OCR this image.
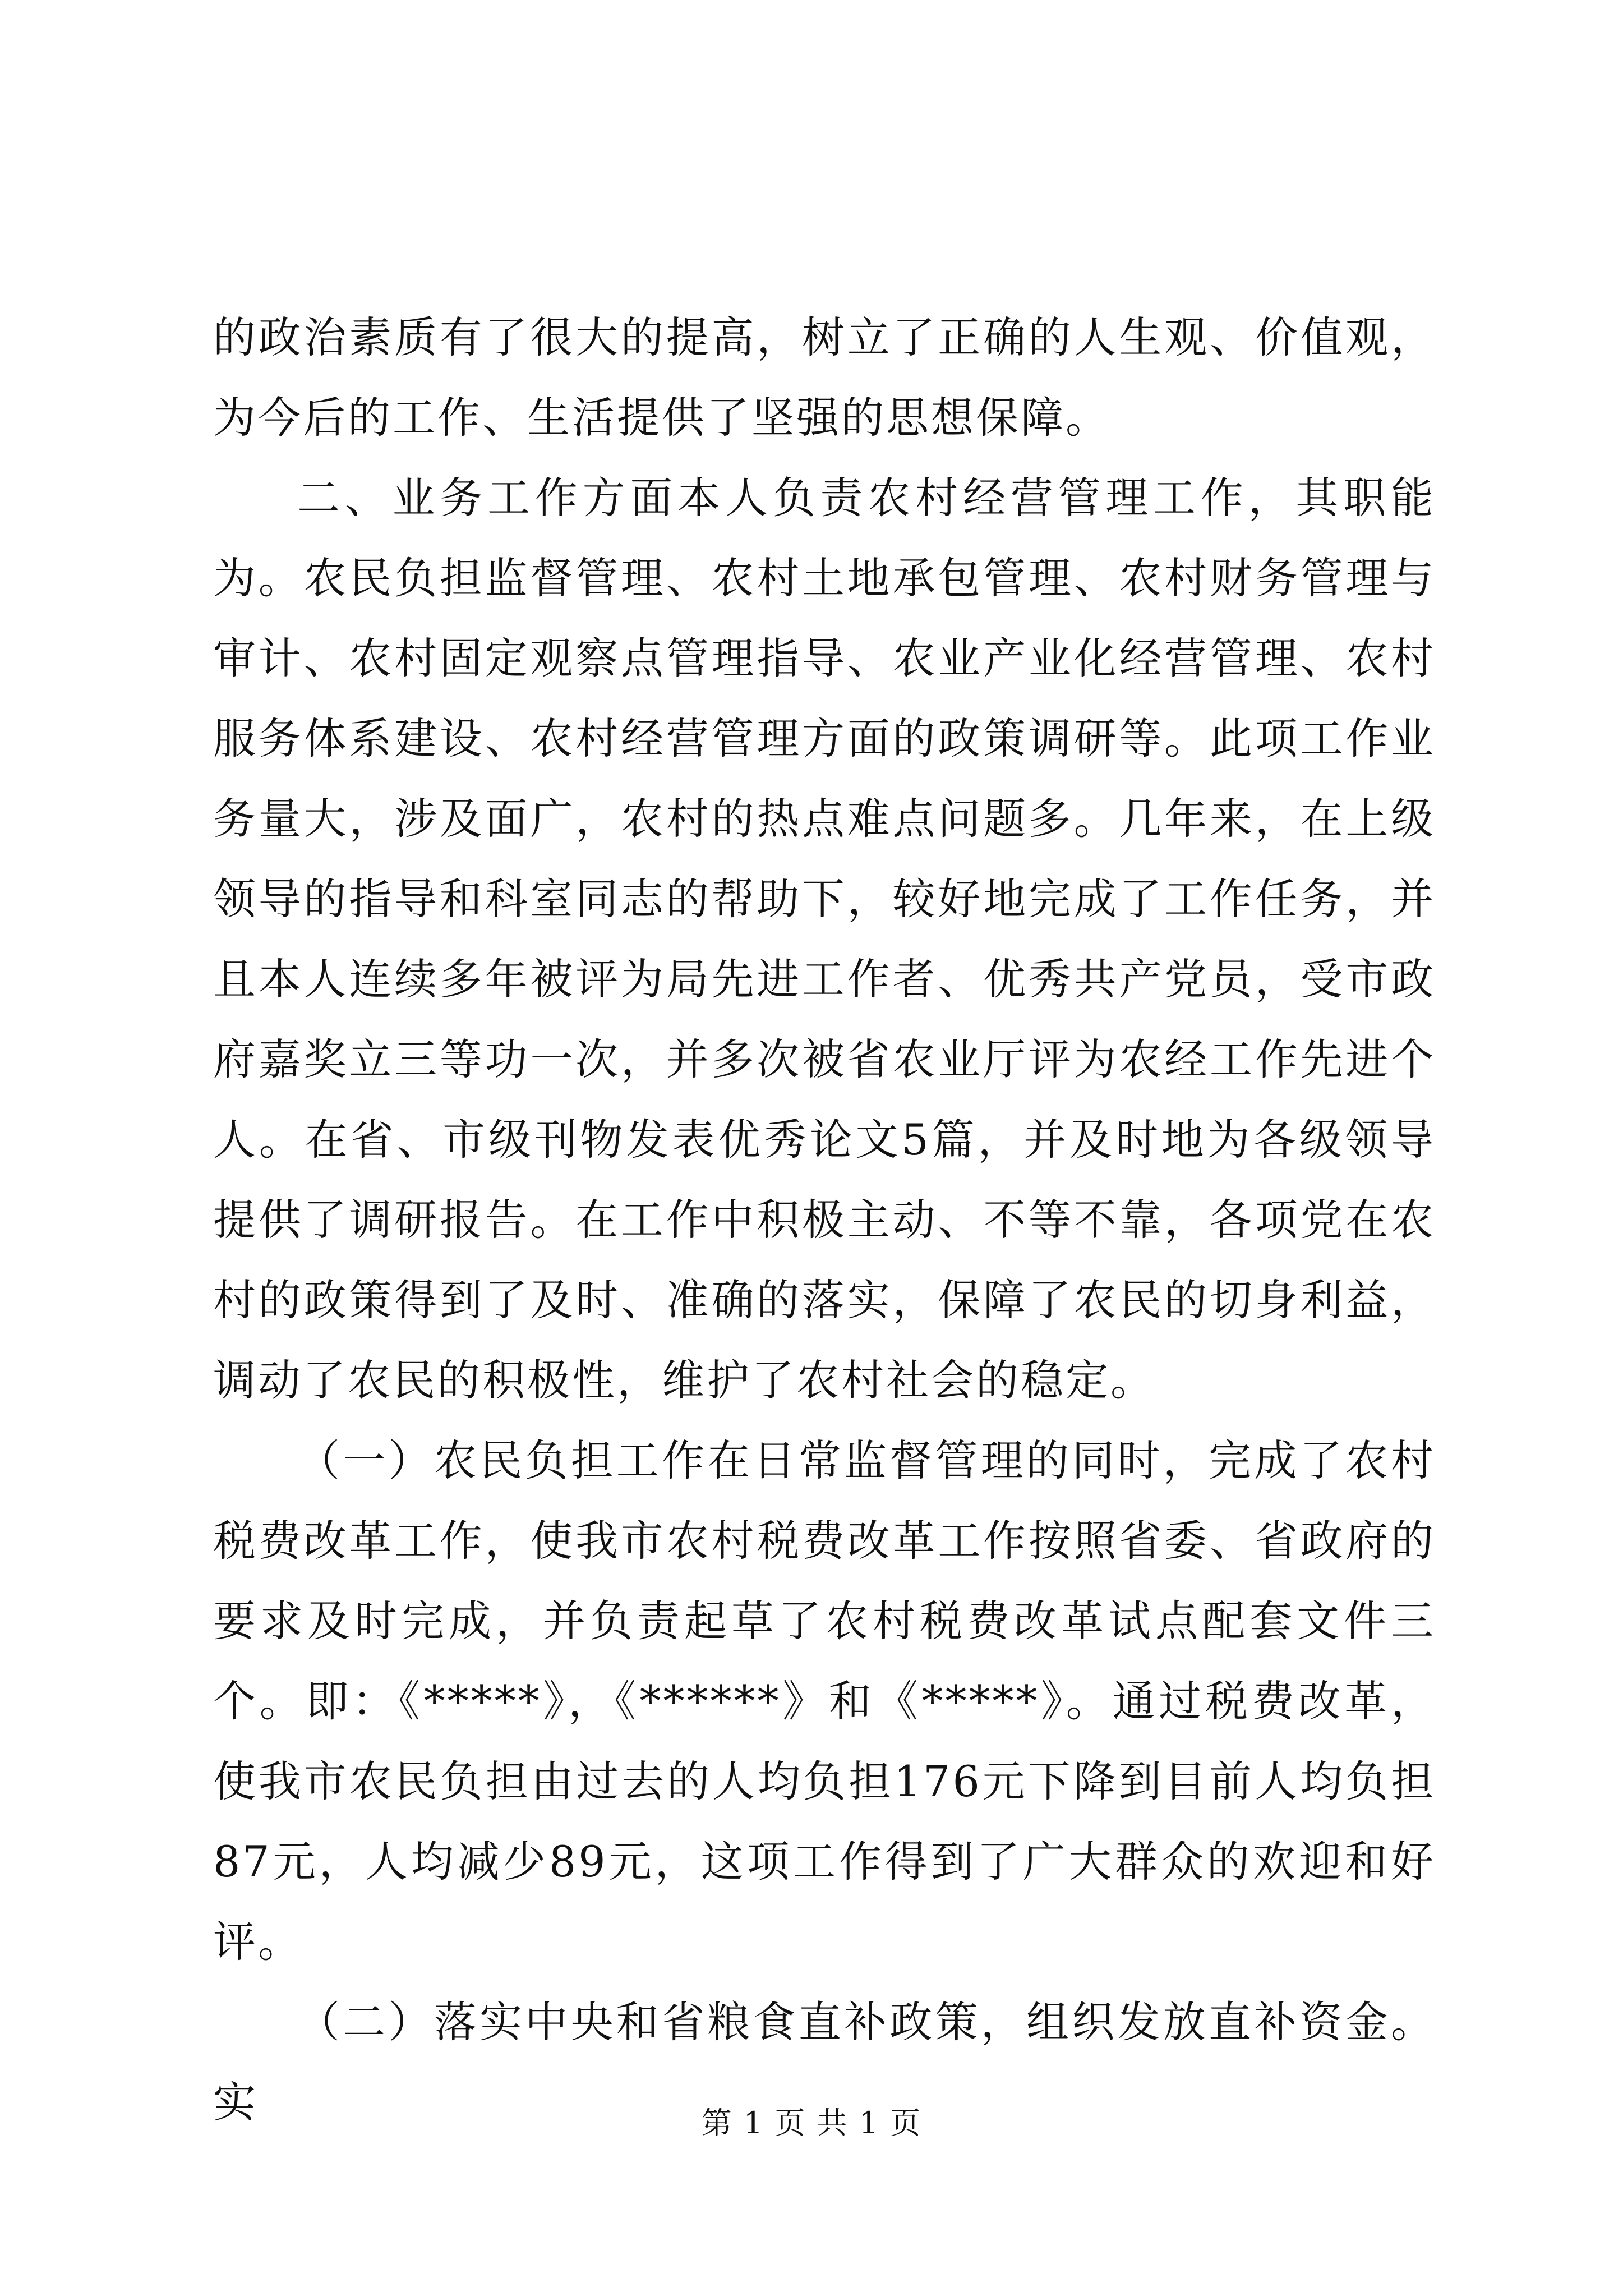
的政治素质有了很大的提高，树立了正确的人生观、价值观，为今后的工作、生活提供了坚强的思想保障。

二、业务工作方面本人负责农村经营管理工作，其职能为。农民负担监督管理、农村土地承包管理、农村财务管理与审计、农村固定观察点管理指导、农业产业化经营管理、农村服务体系建设、农村经营管理方面的政策调研等。此项工作业务量大，涉及面广，农村的热点难点问题多。几年来，在上级领导的指导和科室同志的帮助下，较好地完成了工作任务，并且本人连续多年被评为局先进工作者、优秀共产党员，受市政府嘉奖立三等功一次，并多次被省农业厅评为农经工作先进个人。在省、市级刊物发表优秀论文5篇，并及时地为各级领导提供了调研报告。在工作中积极主动、不等不靠，各项党在农村的政策得到了及时、准确的落实，保障了农民的切身利益，调动了农民的积极性，维护了农村社会的稳定。

（一）农民负担工作在日常监督管理的同时，完成了农村税费改革工作，使我市农村税费改革工作按照省委、省政府的要求及时完成，并负责起草了农村税费改革试点配套文件三个。即：《*****》，《******》和《*****》。通过税费改革，使我市农民负担由过去的人均负担176元下降到目前人均负担87元，人均减少89元，这项工作得到了广大群众的欢迎和好评。

（二）落实中央和省粮食直补政策，组织发放直补资金。实	第 1 页 共 1 页
